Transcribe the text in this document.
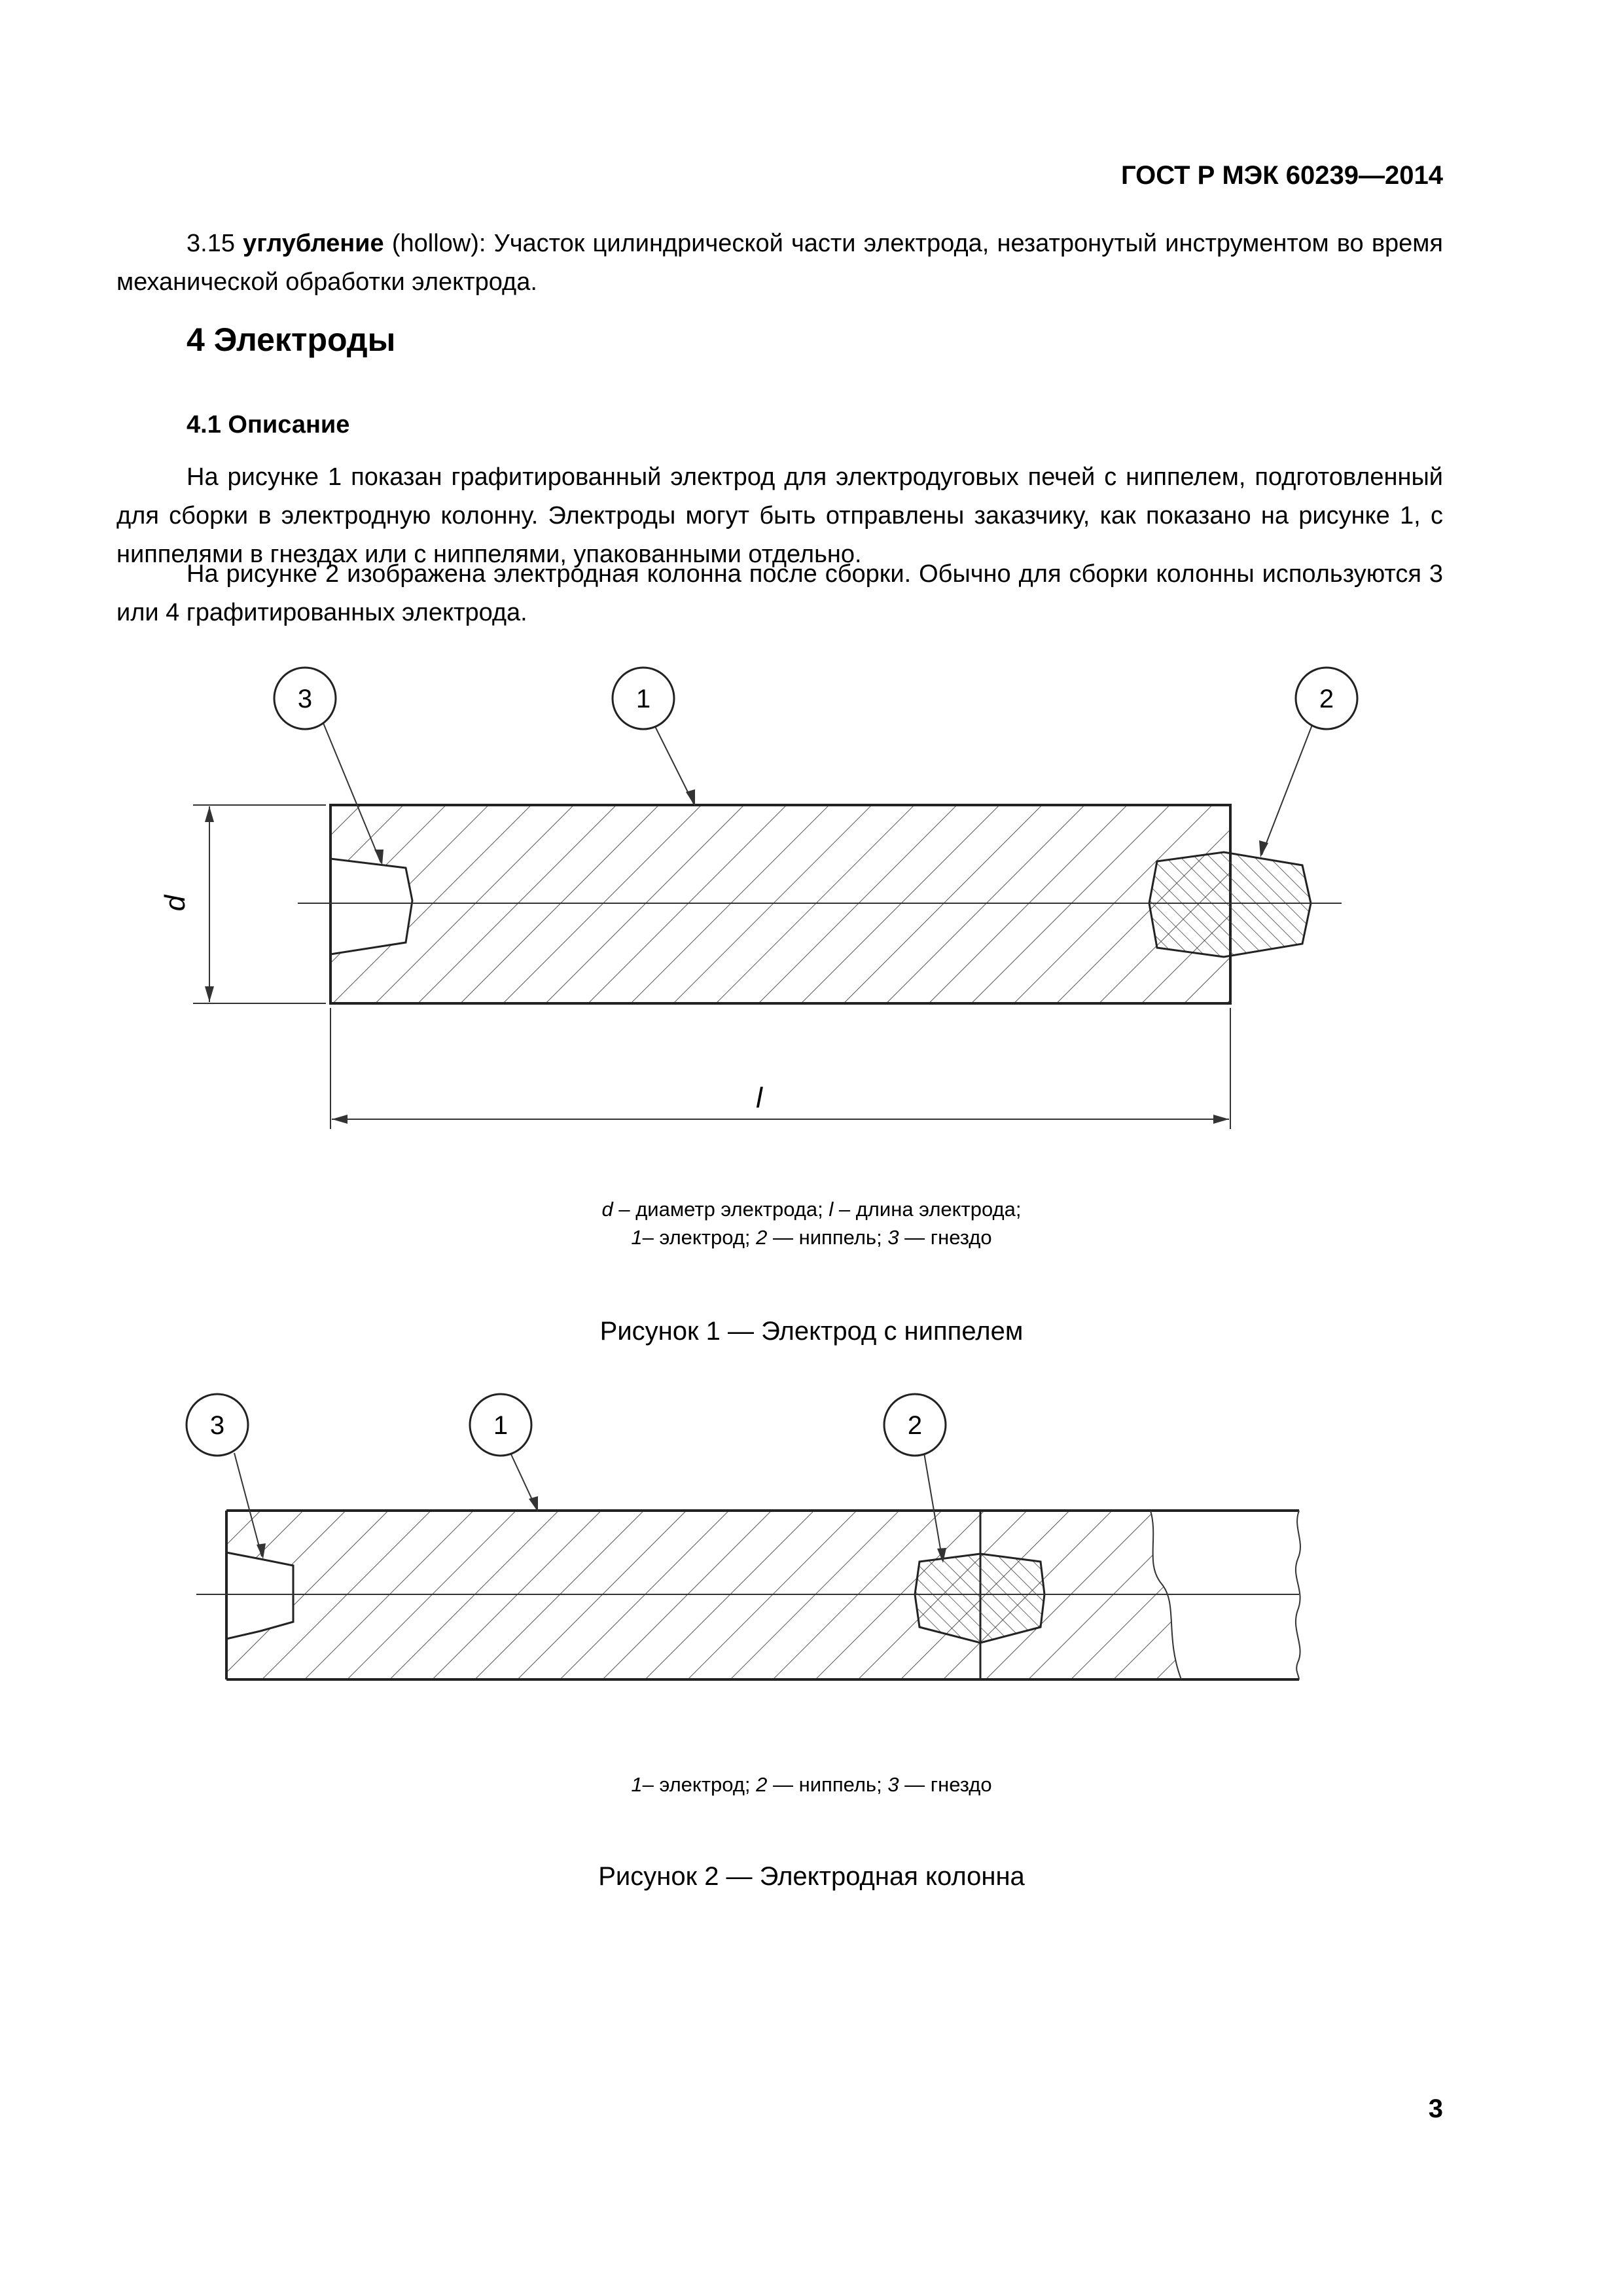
ГОСТ Р МЭК 60239—2014
3.15 углубление (hollow): Участок цилиндрической части электрода, незатронутый инструментом во время механической обработки электрода.
4 Электроды
4.1 Описание
На рисунке 1 показан графитированный электрод для электродуговых печей с ниппелем, подготовленный для сборки в электродную колонну. Электроды могут быть отправлены заказчику, как показано на рисунке 1, с ниппелями в гнездах или с ниппелями, упакованными отдельно.
На рисунке 2 изображена электродная колонна после сборки. Обычно для сборки колонны используются 3 или 4 графитированных электрода.
d
l
3	1	2
d – диаметр электрода; l – длина электрода;
1– электрод; 2 — ниппель; 3 — гнездо
Рисунок 1 — Электрод с ниппелем
3	1	2
1– электрод; 2 — ниппель; 3 — гнездо
Рисунок 2 — Электродная колонна
3
